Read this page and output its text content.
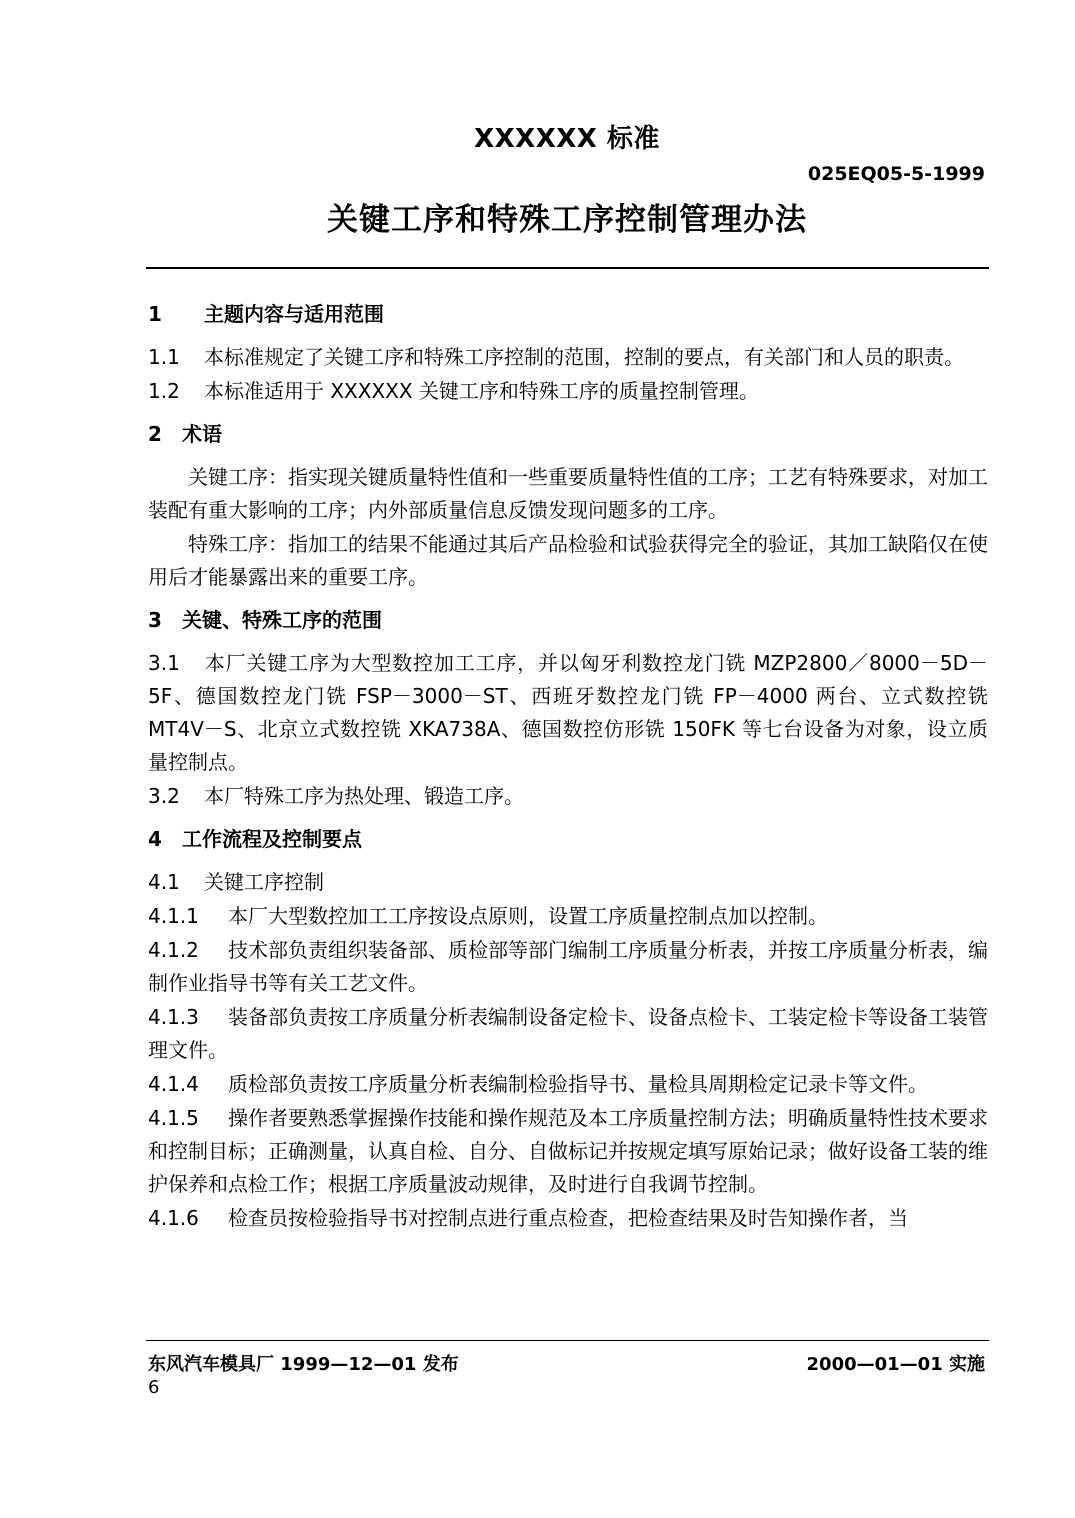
XXXXXX 标准
025EQ05-5-1999
关键工序和特殊工序控制管理办法
1 主题内容与适用范围
1.1 本标准规定了关键工序和特殊工序控制的范围，控制的要点，有关部门和人员的职责。
1.2 本标准适用于 XXXXXX 关键工序和特殊工序的质量控制管理。
2 术语
关键工序：指实现关键质量特性值和一些重要质量特性值的工序；工艺有特殊要求，对加工装配有重大影响的工序；内外部质量信息反馈发现问题多的工序。
特殊工序：指加工的结果不能通过其后产品检验和试验获得完全的验证，其加工缺陷仅在使用后才能暴露出来的重要工序。
3 关键、特殊工序的范围
3.1 本厂关键工序为大型数控加工工序，并以匈牙利数控龙门铣 MZP2800／8000－5D－5F、德国数控龙门铣 FSP－3000－ST、西班牙数控龙门铣 FP－4000 两台、立式数控铣 MT4V－S、北京立式数控铣 XKA738A、德国数控仿形铣 150FK 等七台设备为对象，设立质量控制点。
3.2 本厂特殊工序为热处理、锻造工序。
4 工作流程及控制要点
4.1 关键工序控制
4.1.1 本厂大型数控加工工序按设点原则，设置工序质量控制点加以控制。
4.1.2 技术部负责组织装备部、质检部等部门编制工序质量分析表，并按工序质量分析表，编制作业指导书等有关工艺文件。
4.1.3 装备部负责按工序质量分析表编制设备定检卡、设备点检卡、工装定检卡等设备工装管理文件。
4.1.4 质检部负责按工序质量分析表编制检验指导书、量检具周期检定记录卡等文件。
4.1.5 操作者要熟悉掌握操作技能和操作规范及本工序质量控制方法；明确质量特性技术要求和控制目标；正确测量，认真自检、自分、自做标记并按规定填写原始记录；做好设备工装的维护保养和点检工作；根据工序质量波动规律，及时进行自我调节控制。
4.1.6 检查员按检验指导书对控制点进行重点检查，把检查结果及时告知操作者，当
东风汽车模具厂 1999—12—01 发布	2000—01—01 实施
6
